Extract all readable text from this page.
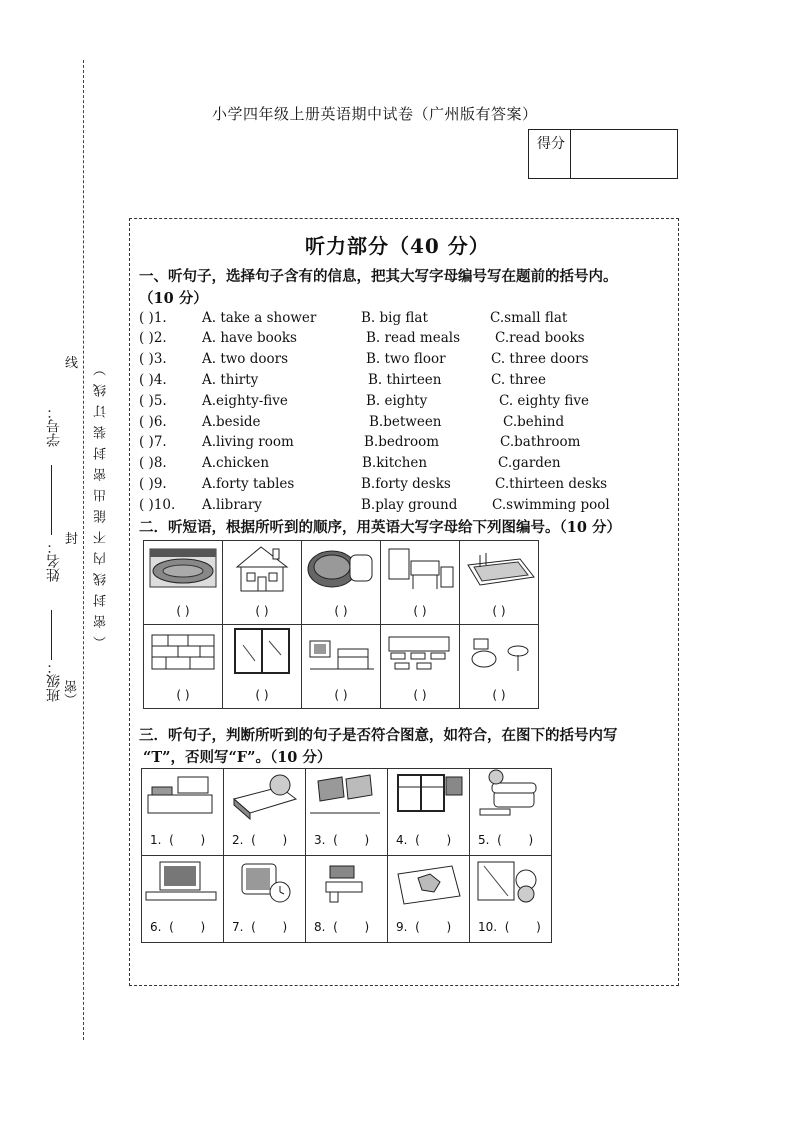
小学四年级上册英语期中试卷（广州版有答案）
得分
班级：
姓名：
学号： （密封线内不能出密封装订线）
线
封
（密
听力部分（40 分）
一、听句子，选择句子含有的信息，把其大写字母编号写在题前的括号内。
（10 分）
( )1.	A. take a shower	B. big flat	C.small flat
( )2.	A. have books	B. read meals	C.read books
( )3.	A. two doors	B. two floor	C. three doors
( )4.	A. thirty	B. thirteen	C. three
( )5.	A.eighty-five	B. eighty	C. eighty five
( )6.	A.beside	B.between	C.behind
( )7.	A.living room	B.bedroom	C.bathroom
( )8.	A.chicken	B.kitchen	C.garden
( )9.	A.forty tables	B.forty desks	C.thirteen desks
( )10. A.library	B.play ground	C.swimming pool
二．听短语，根据所听到的顺序，用英语大写字母给下列图编号。（10 分）
( )	( )	( )	( )	( )
( )	( )	( )	( )	( )
三．听句子，判断所听到的句子是否符合图意，如符合，在图下的括号内写
“T”，否则写“F”。（10 分）
1.  (       ) 2.  (       ) 3.  (       ) 4.  (       ) 5.  (       )
6.  (       ) 7.  (       ) 8.  (       ) 9.  (       ) 10.  (       )
